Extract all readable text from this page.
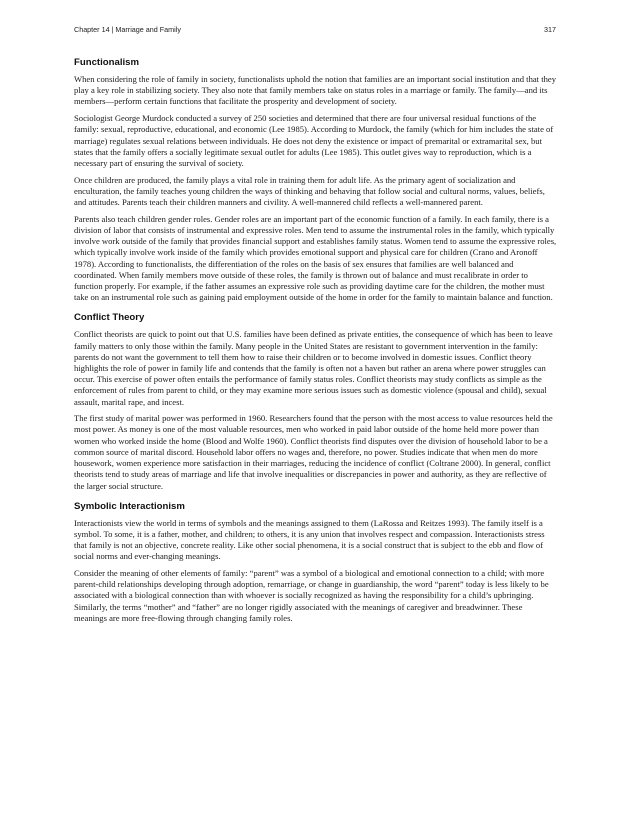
Chapter 14 | Marriage and Family	317
Functionalism

When considering the role of family in society, functionalists uphold the notion that families are an important social institution and that they play a key role in stabilizing society. They also note that family members take on status roles in a marriage or family. The family—and its members—perform certain functions that facilitate the prosperity and development of society.

Sociologist George Murdock conducted a survey of 250 societies and determined that there are four universal residual functions of the family: sexual, reproductive, educational, and economic (Lee 1985). According to Murdock, the family (which for him includes the state of marriage) regulates sexual relations between individuals. He does not deny the existence or impact of premarital or extramarital sex, but states that the family offers a socially legitimate sexual outlet for adults (Lee 1985). This outlet gives way to reproduction, which is a necessary part of ensuring the survival of society.

Once children are produced, the family plays a vital role in training them for adult life. As the primary agent of socialization and enculturation, the family teaches young children the ways of thinking and behaving that follow social and cultural norms, values, beliefs, and attitudes. Parents teach their children manners and civility. A well-mannered child reflects a well-mannered parent.

Parents also teach children gender roles. Gender roles are an important part of the economic function of a family. In each family, there is a division of labor that consists of instrumental and expressive roles. Men tend to assume the instrumental roles in the family, which typically involve work outside of the family that provides financial support and establishes family status. Women tend to assume the expressive roles, which typically involve work inside of the family which provides emotional support and physical care for children (Crano and Aronoff 1978). According to functionalists, the differentiation of the roles on the basis of sex ensures that families are well balanced and coordinated. When family members move outside of these roles, the family is thrown out of balance and must recalibrate in order to function properly. For example, if the father assumes an expressive role such as providing daytime care for the children, the mother must take on an instrumental role such as gaining paid employment outside of the home in order for the family to maintain balance and function.

Conflict Theory

Conflict theorists are quick to point out that U.S. families have been defined as private entities, the consequence of which has been to leave family matters to only those within the family. Many people in the United States are resistant to government intervention in the family: parents do not want the government to tell them how to raise their children or to become involved in domestic issues. Conflict theory highlights the role of power in family life and contends that the family is often not a haven but rather an arena where power struggles can occur. This exercise of power often entails the performance of family status roles. Conflict theorists may study conflicts as simple as the enforcement of rules from parent to child, or they may examine more serious issues such as domestic violence (spousal and child), sexual assault, marital rape, and incest.

The first study of marital power was performed in 1960. Researchers found that the person with the most access to value resources held the most power. As money is one of the most valuable resources, men who worked in paid labor outside of the home held more power than women who worked inside the home (Blood and Wolfe 1960). Conflict theorists find disputes over the division of household labor to be a common source of marital discord. Household labor offers no wages and, therefore, no power. Studies indicate that when men do more housework, women experience more satisfaction in their marriages, reducing the incidence of conflict (Coltrane 2000). In general, conflict theorists tend to study areas of marriage and life that involve inequalities or discrepancies in power and authority, as they are reflective of the larger social structure.

Symbolic Interactionism

Interactionists view the world in terms of symbols and the meanings assigned to them (LaRossa and Reitzes 1993). The family itself is a symbol. To some, it is a father, mother, and children; to others, it is any union that involves respect and compassion. Interactionists stress that family is not an objective, concrete reality. Like other social phenomena, it is a social construct that is subject to the ebb and flow of social norms and ever-changing meanings.

Consider the meaning of other elements of family: “parent” was a symbol of a biological and emotional connection to a child; with more parent-child relationships developing through adoption, remarriage, or change in guardianship, the word “parent” today is less likely to be associated with a biological connection than with whoever is socially recognized as having the responsibility for a child’s upbringing. Similarly, the terms “mother” and “father” are no longer rigidly associated with the meanings of caregiver and breadwinner. These meanings are more free-flowing through changing family roles.
